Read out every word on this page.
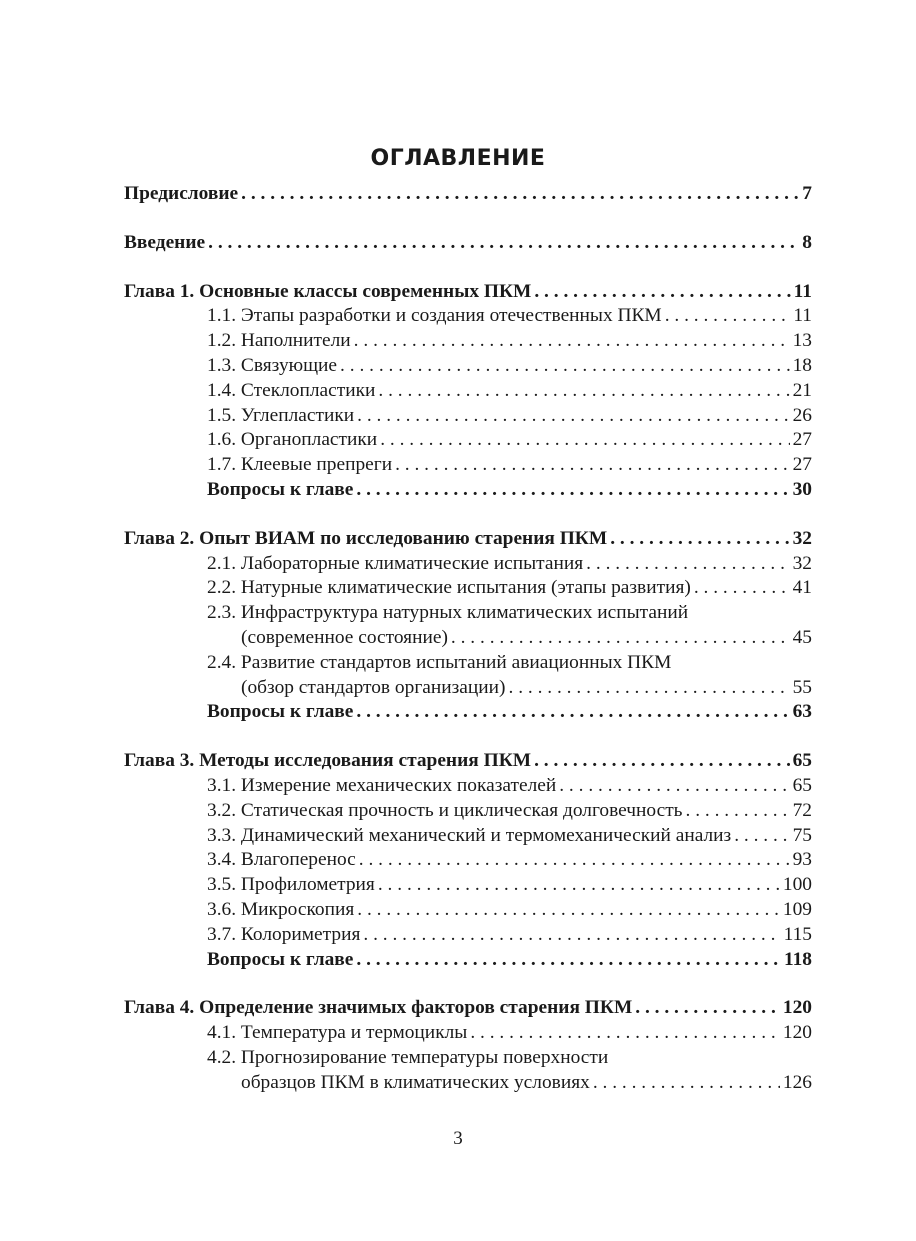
ОГЛАВЛЕНИЕ
Предисловие . . .	7
Введение . . .	8
Глава 1. Основные классы современных ПКМ . . .	11
1.1. Этапы разработки и создания отечественных ПКМ . . .	11
1.2. Наполнители . . .	13
1.3. Связующие . . .	18
1.4. Стеклопластики . . .	21
1.5. Углепластики . . .	26
1.6. Органопластики . . .	27
1.7. Клеевые препреги . . .	27
Вопросы к главе . . .	30
Глава 2. Опыт ВИАМ по исследованию старения ПКМ . . .	32
2.1. Лабораторные климатические испытания . . .	32
2.2. Натурные климатические испытания (этапы развития) . . .	41
2.3. Инфраструктура натурных климатических испытаний
(современное состояние) . . .	45
2.4. Развитие стандартов испытаний авиационных ПКМ
(обзор стандартов организации) . . .	55
Вопросы к главе . . .	63
Глава 3. Методы исследования старения ПКМ . . .	65
3.1. Измерение механических показателей . . .	65
3.2. Статическая прочность и циклическая долговечность . . .	72
3.3. Динамический механический и термомеханический анализ . . .	75
3.4. Влагоперенос . . .	93
3.5. Профилометрия . . .	100
3.6. Микроскопия . . .	109
3.7. Колориметрия . . .	115
Вопросы к главе . . .	118
Глава 4. Определение значимых факторов старения ПКМ . . .	120
4.1. Температура и термоциклы . . .	120
4.2. Прогнозирование температуры поверхности
образцов ПКМ в климатических условиях . . .	126
3
